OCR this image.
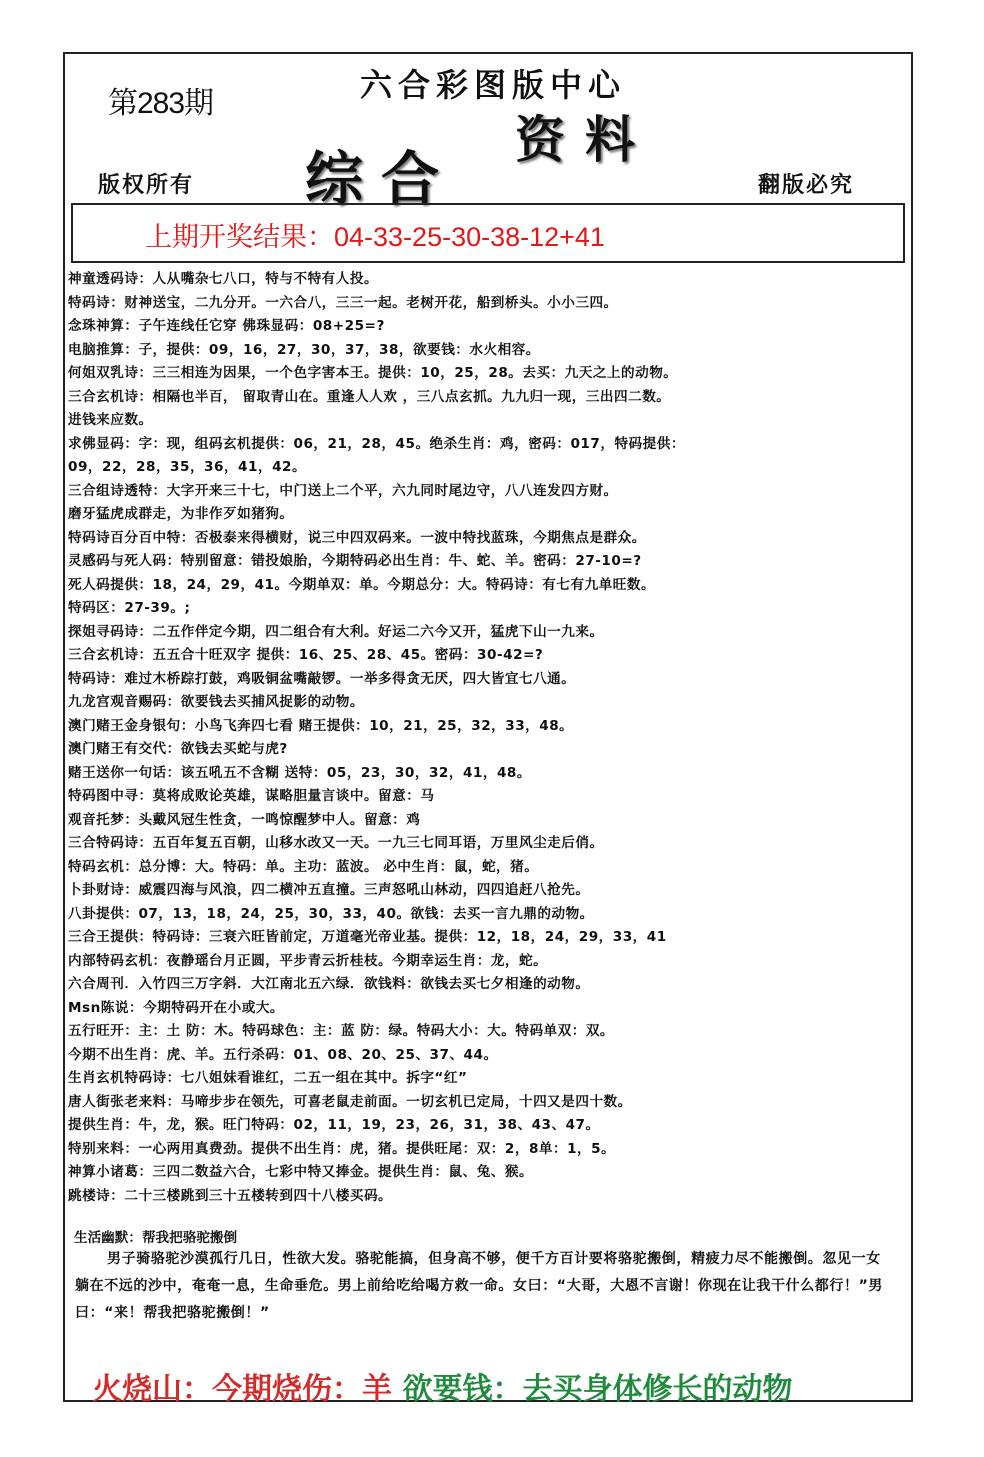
第283期	六合彩图版中心
综合
资料
版权所有	翻版必究
上期开奖结果：04-33-25-30-38-12+41
神童透码诗：人从嘴杂七八口，特与不特有人投。
特码诗：财神送宝，二九分开。一六合八，三三一起。老树开花，船到桥头。小小三四。
念珠神算：子午连线任它穿 佛珠显码：08+25=?
电脑推算：子，提供：09，16，27，30，37，38，欲要钱：水火相容。
何姐双乳诗：三三相连为因果，一个色字害本王。提供：10，25，28。去买：九天之上的动物。
三合玄机诗：相隔也半百， 留取青山在。重逢人人欢 ，三八点玄抓。九九归一现，三出四二数。
进钱来应数。
求佛显码：字：现，组码玄机提供：06，21，28，45。绝杀生肖：鸡，密码：017，特码提供：
09，22，28，35，36，41，42。
三合组诗透特：大字开来三十七，中门送上二个平，六九同时尾边守，八八连发四方财。
磨牙猛虎成群走，为非作歹如猪狗。
特码诗百分百中特：否极泰来得横财，说三中四双码来。一波中特找蓝珠，今期焦点是群众。
灵感码与死人码：特别留意：错投娘胎，今期特码必出生肖：牛、蛇、羊。密码：27-10=?
死人码提供：18，24，29，41。今期单双：单。今期总分：大。特码诗：有七有九单旺数。
特码区：27-39。;
探姐寻码诗：二五作伴定今期，四二组合有大利。好运二六今又开，猛虎下山一九来。
三合玄机诗：五五合十旺双字 提供：16、25、28、45。密码：30-42=?
特码诗：难过木桥踪打鼓，鸡吸铜盆嘴敲锣。一举多得贪无厌，四大皆宜七八通。
九龙宫观音赐码：欲要钱去买捕风捉影的动物。
澳门赌王金身银句：小鸟飞奔四七看 赌王提供：10，21，25，32，33，48。
澳门赌王有交代：欲钱去买蛇与虎?
赌王送你一句话：该五吼五不含糊 送特：05，23，30，32，41，48。
特码图中寻：莫将成败论英雄，谋略胆量言谈中。留意：马
观音托梦：头戴风冠生性贪，一鸣惊醒梦中人。留意：鸡
三合特码诗：五百年复五百朝，山移水改又一天。一九三七同耳语，万里风尘走后俏。
特码玄机：总分博：大。特码：单。主功：蓝波。 必中生肖：鼠，蛇，猪。
卜卦财诗：威震四海与风浪，四二横冲五直撞。三声怒吼山林动，四四追赶八抢先。
八卦提供：07，13，18，24，25，30，33，40。欲钱：去买一言九鼎的动物。
三合王提供：特码诗：三衰六旺皆前定，万道毫光帝业基。提供：12，18，24，29，33，41
内部特码玄机：夜静瑶台月正圆，平步青云折桂枝。今期幸运生肖：龙，蛇。
六合周刊．入竹四三万字斜．大江南北五六绿．欲钱料：欲钱去买七夕相逢的动物。
Msn陈说：今期特码开在小或大。
五行旺开：主：土 防：木。特码球色：主：蓝 防：绿。特码大小：大。特码单双：双。
今期不出生肖：虎、羊。五行杀码：01、08、20、25、37、44。
生肖玄机特码诗：七八姐妹看谁红，二五一组在其中。拆字“红”
唐人街张老来料：马啼步步在领先，可喜老鼠走前面。一切玄机已定局，十四又是四十数。
提供生肖：牛，龙，猴。旺门特码：02，11，19，23，26，31，38、43、47。
特别来料：一心两用真费劲。提供不出生肖：虎，猪。提供旺尾：双：2，8单：1，5。
神算小诸葛：三四二数益六合，七彩中特又捧金。提供生肖：鼠、兔、猴。
跳楼诗：二十三楼跳到三十五楼转到四十八楼买码。
生活幽默：帮我把骆驼搬倒
男子骑骆驼沙漠孤行几日，性欲大发。骆驼能搞，但身高不够，便千方百计要将骆驼搬倒，精疲力尽不能搬倒。忽见一女躺在不远的沙中，奄奄一息，生命垂危。男上前给吃给喝方救一命。女曰：“大哥，大恩不言谢！你现在让我干什么都行！”男曰：“来！帮我把骆驼搬倒！”
火烧山：今期烧伤：羊 欲要钱：去买身体修长的动物
